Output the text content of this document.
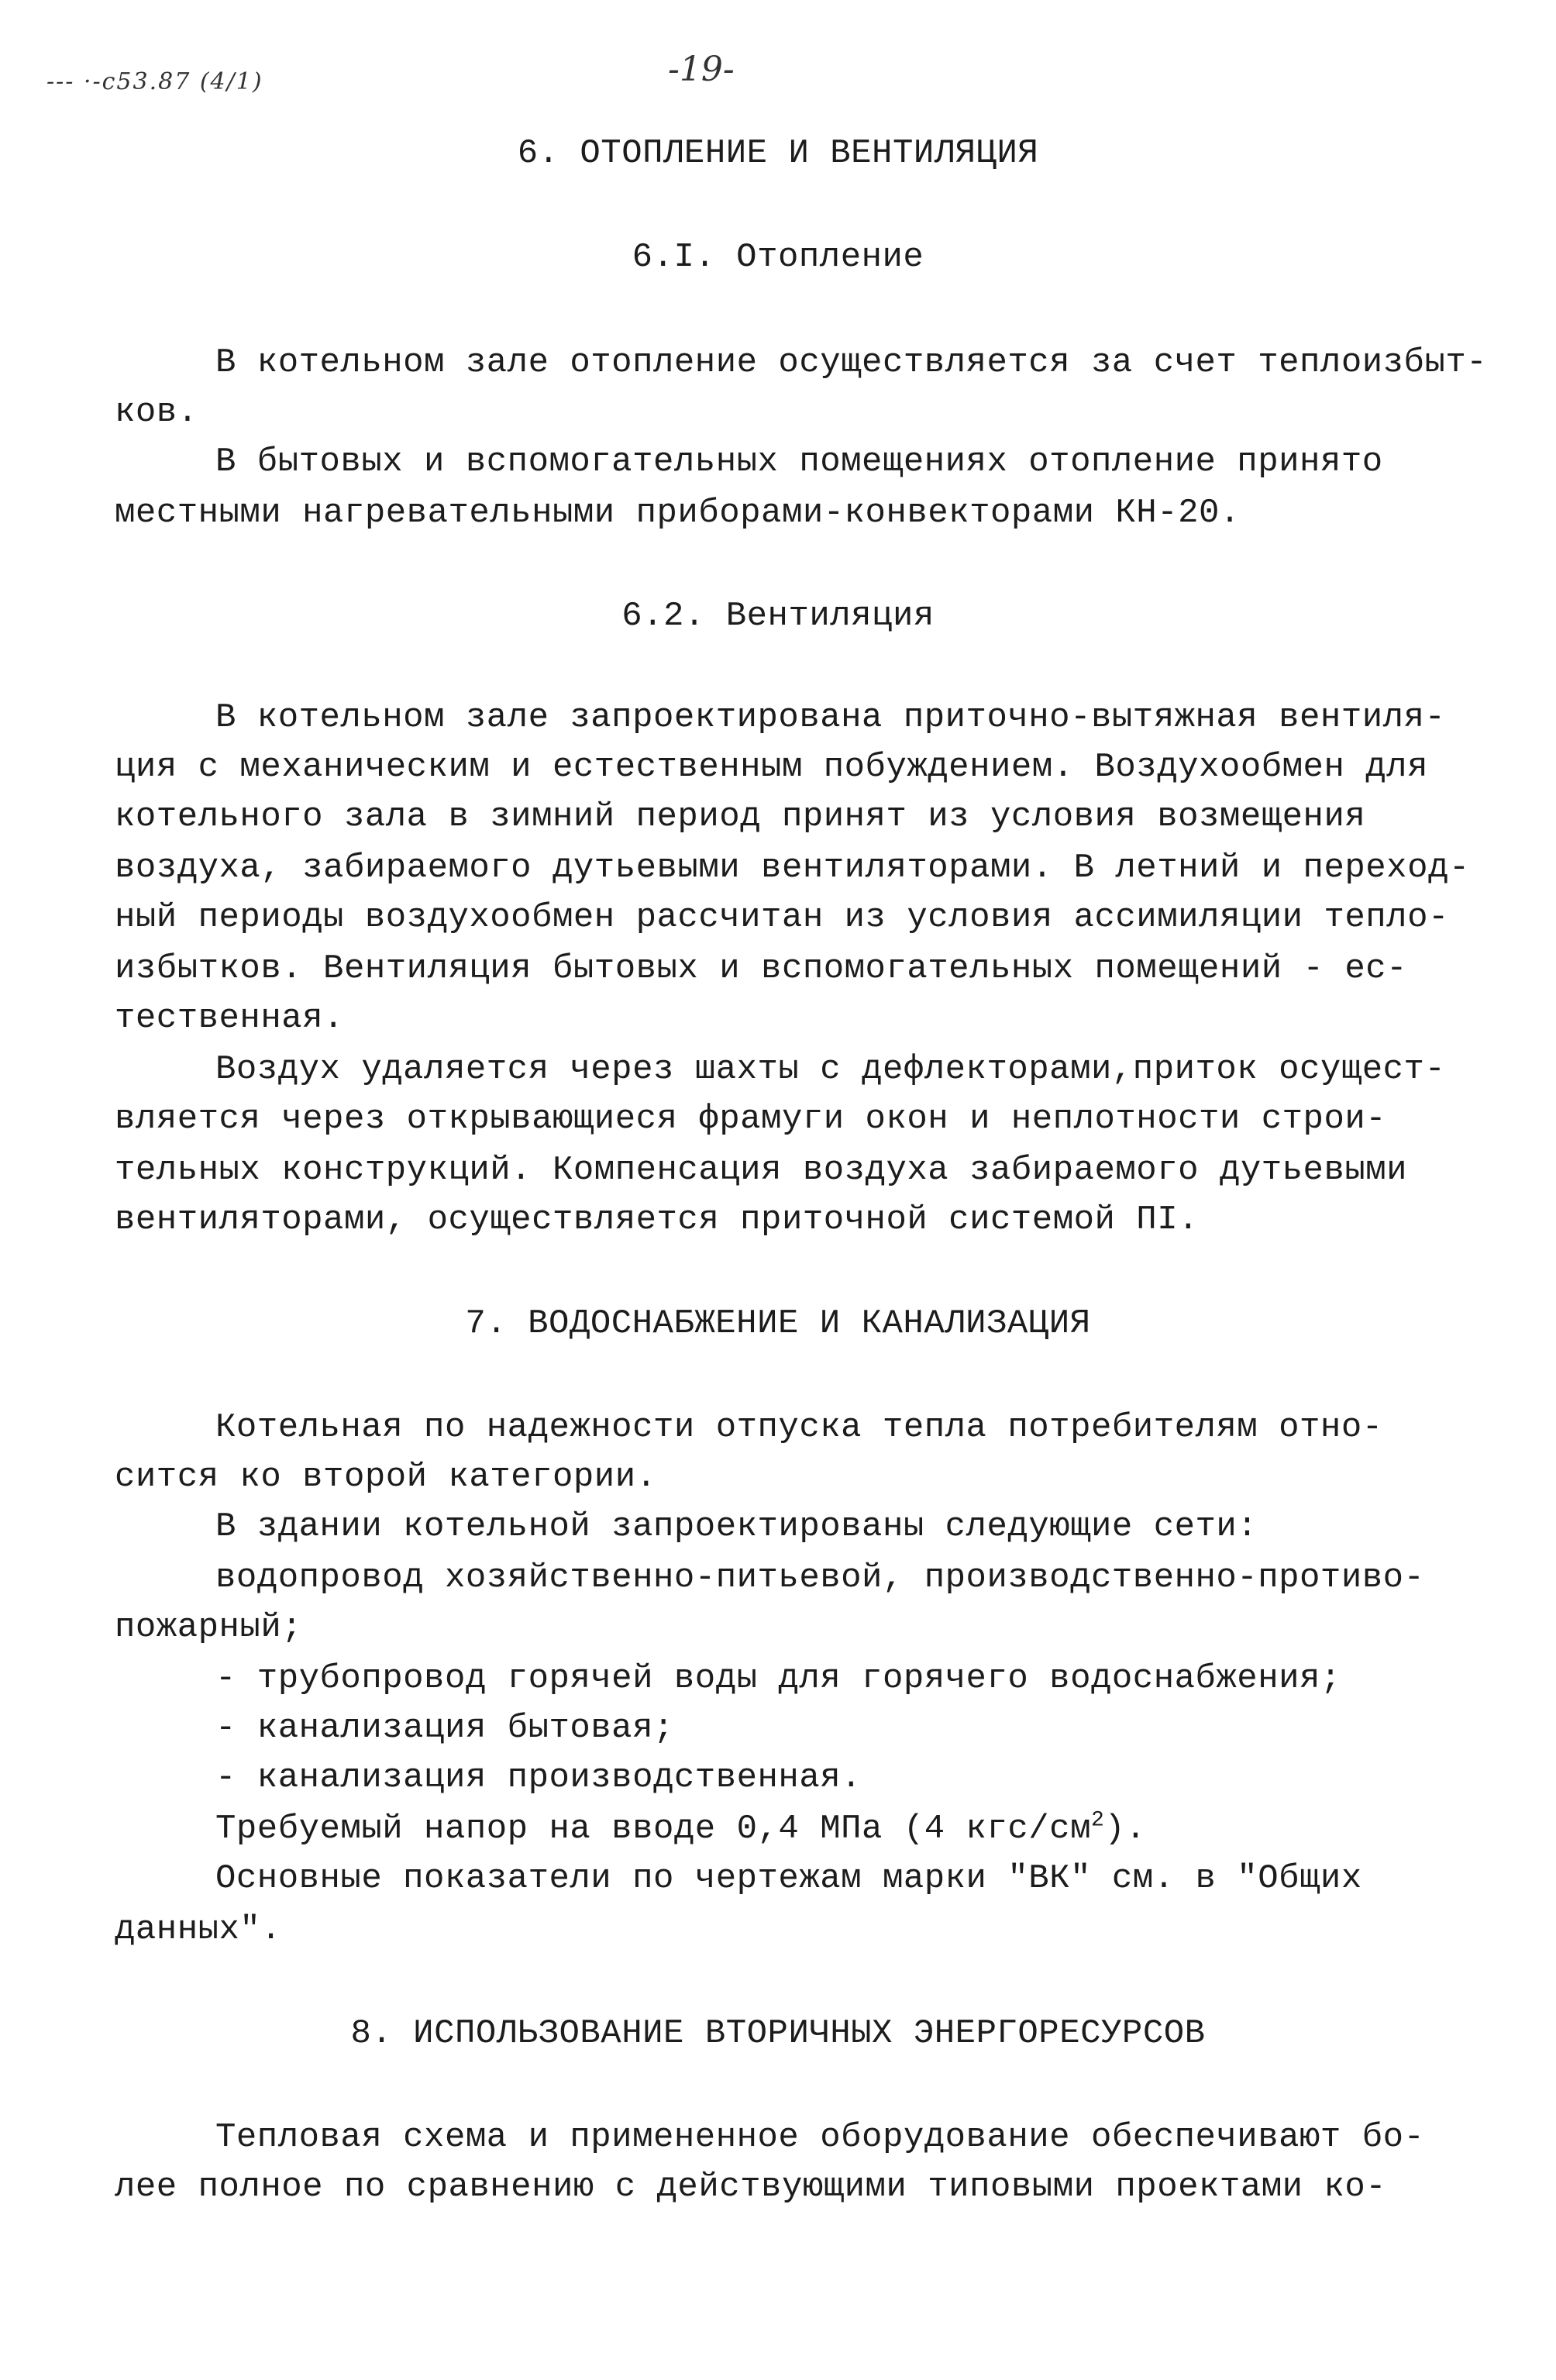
--- ·-с53.87 (4/1)	-19-
6. ОТОПЛЕНИЕ И ВЕНТИЛЯЦИЯ
6.I. Отопление
В котельном зале отопление осуществляется за счет теплоизбыт-
ков.
В бытовых и вспомогательных помещениях отопление принято
местными нагревательными приборами-конвекторами КН-20.
6.2. Вентиляция
В котельном зале запроектирована приточно-вытяжная вентиля-
ция с механическим и естественным побуждением. Воздухообмен для
котельного зала в зимний период принят из условия возмещения
воздуха, забираемого дутьевыми вентиляторами. В летний и переход-
ный периоды воздухообмен рассчитан из условия ассимиляции тепло-
избытков. Вентиляция бытовых и вспомогательных помещений - ес-
тественная.
Воздух удаляется через шахты с дефлекторами,приток осущест-
вляется через открывающиеся фрамуги окон и неплотности строи-
тельных конструкций. Компенсация воздуха забираемого дутьевыми
вентиляторами, осуществляется приточной системой ПI.
7. ВОДОСНАБЖЕНИЕ И КАНАЛИЗАЦИЯ
Котельная по надежности отпуска тепла потребителям отно-
сится ко второй категории.
В здании котельной запроектированы следующие сети:
водопровод хозяйственно-питьевой, производственно-противо-
пожарный;
- трубопровод горячей воды для горячего водоснабжения;
- канализация бытовая;
- канализация производственная.
Требуемый напор на вводе 0,4 МПа (4 кгс/$см^2$).
Основные показатели по чертежам марки "ВК" см. в "Общих
данных".
8. ИСПОЛЬЗОВАНИЕ ВТОРИЧНЫХ ЭНЕРГОРЕСУРСОВ
Тепловая схема и примененное оборудование обеспечивают бо-
лее полное по сравнению с действующими типовыми проектами ко-
